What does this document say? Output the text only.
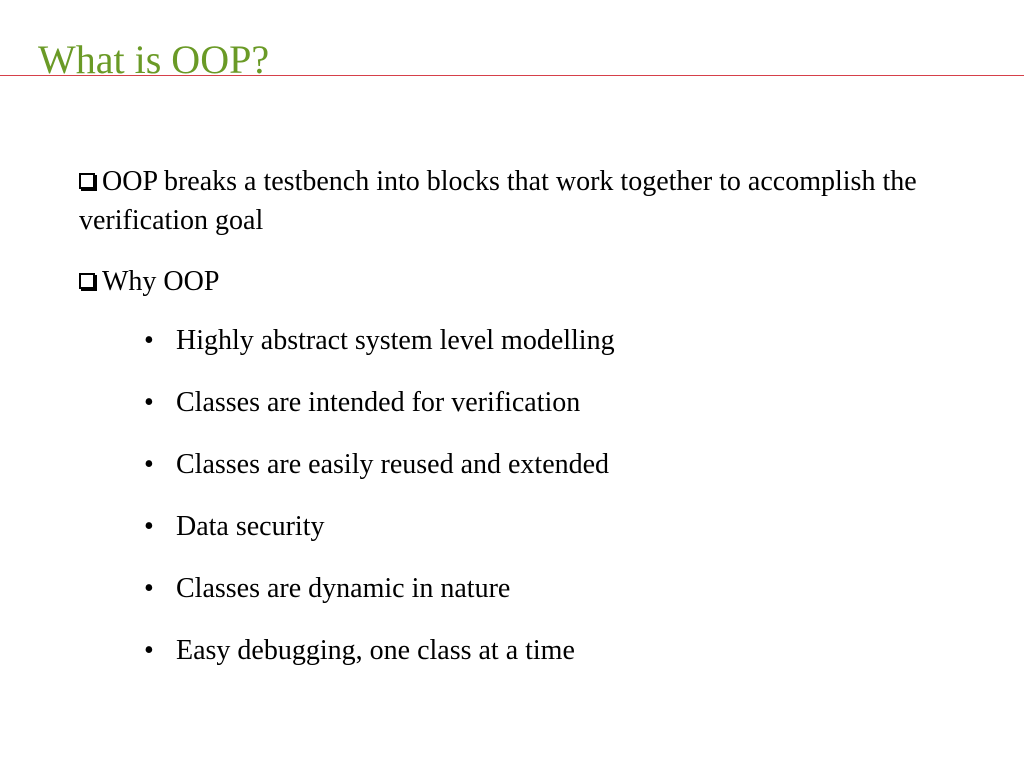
What is OOP?

OOP breaks a testbench into blocks that work together to accomplish the verification goal

Why OOP

• Highly abstract system level modelling
• Classes are intended for verification
• Classes are easily reused and extended
• Data security
• Classes are dynamic in nature
• Easy debugging, one class at a time
